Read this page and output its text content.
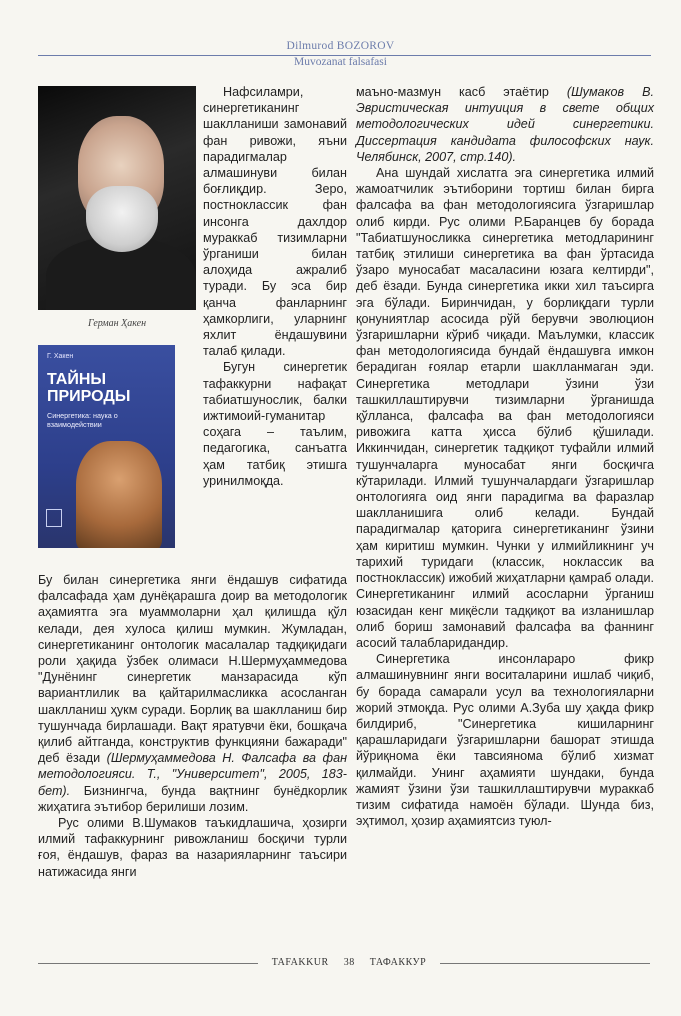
Dilmurod BOZOROV
Muvozanat falsafasi
Герман Ҳакен
Г. Хакен
ТАЙНЫ
ПРИРОДЫ
Синергетика: наука о взаимодействии

Нафсиламри, синергетиканинг шаклланиши замонавий фан ривожи, яъни парадигмалар алмашинуви билан боғлиқдир. Зеро, постнокласcик фан инсонга дахлдор мураккаб тизимларни ўрганиши билан алоҳида ажралиб туради. Бу эса бир қанча фанларнинг ҳамкорлиги, уларнинг яхлит ёндашувини талаб қилади.

Бугун синергетик тафаккурни нафақат табиатшунослик, балки ижтимоий-гуманитар соҳага – таълим, педагогика, санъатга ҳам татбиқ этишга уринилмоқда.

Бу билан синергетика янги ёндашув сифатида фалсафада ҳам дунёқарашга доир ва методологик аҳамиятга эга муаммоларни ҳал қилишда қўл келади, дея хулоса қилиш мумкин. Жумладан, синергетиканинг онтологик масалалар тадқиқидаги роли ҳақида ўзбек олимаси Н.Шермуҳаммедова "Дунёнинг синергетик манзарасида кўп вариантлилик ва қайтарилмасликка асосланган шаклланиш ҳукм суради. Борлиқ ва шаклланиш бир тушунчада бирлашади. Вақт яратувчи ёки, бошқача қилиб айтганда, конструктив функцияни бажаради" деб ёзади (Шермуҳаммедова Н. Фалсафа ва фан методологияси. Т., "Университет", 2005, 183-бет). Бизнингча, бунда вақтнинг бунёдкорлик жиҳатига эътибор берилиши лозим.

Рус олими В.Шумаков таъкидлашича, ҳозирги илмий тафаккурнинг ривожланиш босқичи турли ғоя, ёндашув, фараз ва назарияларнинг таъсири натижасида янги

маъно-мазмун касб этаётир (Шумаков В. Эвристическая интуиция в свете общих методологических идей синергетики. Диссертация кандидата философских наук. Челябинск, 2007, стр.140).

Ана шундай хислатга эга синергетика илмий жамоатчилик эътиборини тортиш билан бирга фалсафа ва фан методологиясига ўзгаришлар олиб кирди. Рус олими Р.Баранцев бу борада "Табиатшуносликка синергетика методларининг татбиқ этилиши синергетика ва фан ўртасида ўзаро муносабат масаласини юзага келтирди", деб ёзади. Бунда синергетика икки хил таъсирга эга бўлади. Биринчидан, у борлиқдаги турли қонуниятлар асосида рўй берувчи эволюцион ўзгаришларни кўриб чиқади. Маълумки, классик фан методологиясида бундай ёндашувга имкон берадиган ғоялар етарли шаклланмаган эди. Синергетика методлари ўзини ўзи ташкиллаштирувчи тизимларни ўрганишда қўлланса, фалсафа ва фан методологияси ривожига катта ҳисса бўлиб қўшилади. Иккинчидан, синергетик тадқиқот туфайли илмий тушунчаларга муносабат янги босқичга кўтарилади. Илмий тушунчалардаги ўзгаришлар онтологияга оид янги парадигма ва фаразлар шаклланишига олиб келади. Бундай парадигмалар қаторига синергетиканинг ўзини ҳам киритиш мумкин. Чунки у илмийликнинг уч тарихий туридаги (классик, ноклассик ва постноклассик) ижобий жиҳатларни қамраб олади. Синергетиканинг илмий асосларни ўрганиш юзасидан кенг миқёсли тадқиқот ва изланишлар олиб бориш замонавий фалсафа ва фаннинг асосий талабларидандир.

Синергетика инсонлараро фикр алмашинувнинг янги воситаларини ишлаб чиқиб, бу борада самарали усул ва технологияларни жорий этмоқда. Рус олими А.Зуба шу ҳақда фикр билдириб, "Синергетика кишиларнинг қарашларидаги ўзгаришларни башорат этишда йўриқнома ёки тавсиянома бўлиб хизмат қилмайди. Унинг аҳамияти шундаки, бунда жамият ўзини ўзи ташкиллаштирувчи мураккаб тизим сифатида намоён бўлади. Шунда биз, эҳтимол, ҳозир аҳамиятсиз туюл-

TAFAKKUR 38 ТАФАККУР
